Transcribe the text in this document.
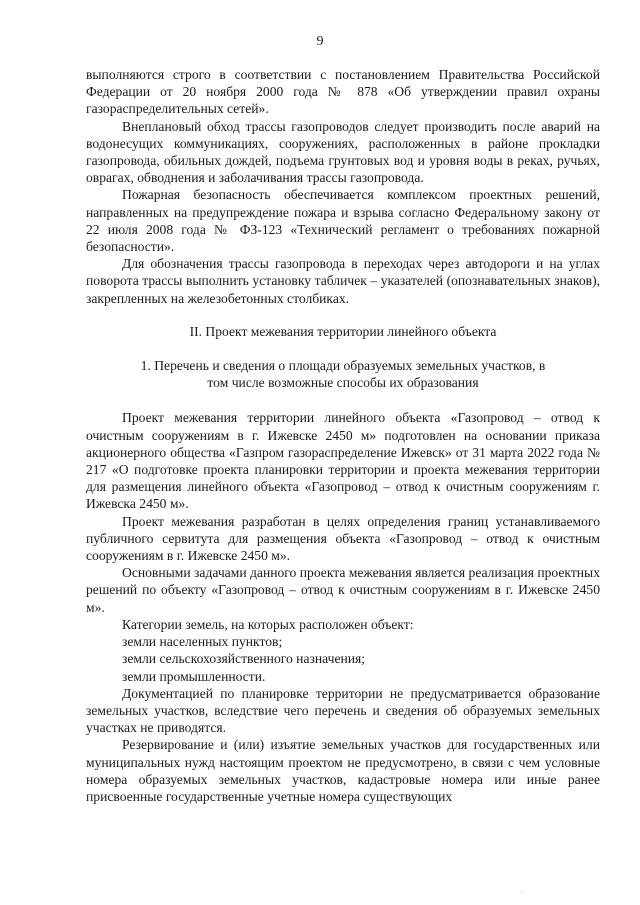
9

выполняются строго в соответствии с постановлением Правительства Российской Федерации от 20 ноября 2000 года № 878 «Об утверждении правил охраны газораспределительных сетей».

Внеплановый обход трассы газопроводов следует производить после аварий на водонесущих коммуникациях, сооружениях, расположенных в районе прокладки газопровода, обильных дождей, подъема грунтовых вод и уровня воды в реках, ручьях, оврагах, обводнения и заболачивания трассы газопровода.

Пожарная безопасность обеспечивается комплексом проектных решений, направленных на предупреждение пожара и взрыва согласно Федеральному закону от 22 июля 2008 года № ФЗ-123 «Технический регламент о требованиях пожарной безопасности».

Для обозначения трассы газопровода в переходах через автодороги и на углах поворота трассы выполнить установку табличек – указателей (опознавательных знаков), закрепленных на железобетонных столбиках.

II. Проект межевания территории линейного объекта

1. Перечень и сведения о площади образуемых земельных участков, в
том числе возможные способы их образования

Проект межевания территории линейного объекта «Газопровод – отвод к очистным сооружениям в г. Ижевске 2450 м» подготовлен на основании приказа акционерного общества «Газпром газораспределение Ижевск» от 31 марта 2022 года № 217 «О подготовке проекта планировки территории и проекта межевания территории для размещения линейного объекта «Газопровод – отвод к очистным сооружениям г. Ижевска 2450 м».

Проект межевания разработан в целях определения границ устанавливаемого публичного сервитута для размещения объекта «Газопровод – отвод к очистным сооружениям в г. Ижевске 2450 м».

Основными задачами данного проекта межевания является реализация проектных решений по объекту «Газопровод – отвод к очистным сооружениям в г. Ижевске 2450 м».

Категории земель, на которых расположен объект:

земли населенных пунктов;

земли сельскохозяйственного назначения;

земли промышленности.

Документацией по планировке территории не предусматривается образование земельных участков, вследствие чего перечень и сведения об образуемых земельных участках не приводятся.

Резервирование и (или) изъятие земельных участков для государственных или муниципальных нужд настоящим проектом не предусмотрено, в связи с чем условные номера образуемых земельных участков, кадастровые номера или иные ранее присвоенные государственные учетные номера существующих

·
